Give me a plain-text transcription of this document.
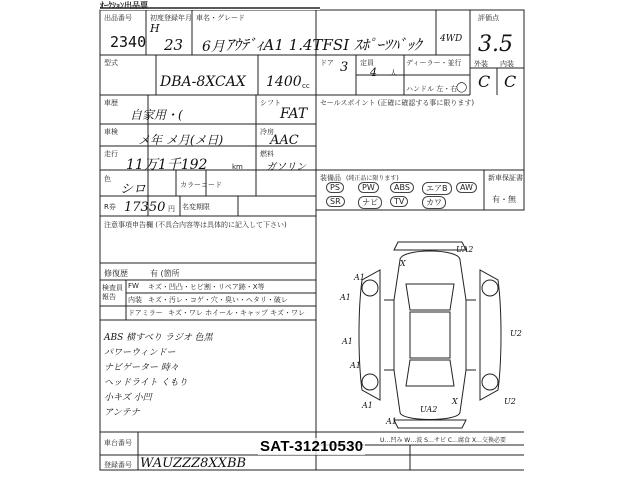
ｵｰｸｼｮﾝ出品票
出品番号
2340
初度登録年月
H
23 6月
車名・グレード
ｱｳﾃﾞｨA1 1.4TFSI ｽﾎﾟｰﾂﾊﾞｯｸ 4WD
評価点
3.5
外装 内装
C C
型式
DBA-8XCAX 1400 cc
ドア 3 定員
4 人
ディーラー・並行
ハンドル 左・右
◯
車歴
自家用・(
シフト
FAT
セールスポイント (正確に確認する事に限ります)
車検
メ年 メ月(メ日)
冷房
AAC
走行
11万1千192	km
燃料
ガソリン
色
シロ	カラーコード
装備品 (純正品に限ります)	新車保証書
有・無
PS	PW	ABS	エアB	AW
SR	ナビ	TV	カワ
R券 17350 円 名変期限
注意事項申告欄 (不具合内容等は具体的に記入して下さい)
修復歴	有 (箇所
検査員報告
FW キズ・凹凸・ヒビ割・リペア跡・X等
内装 キズ・汚レ・コゲ・穴・臭い・ヘタリ・破レ
ドアミラー キズ・ワレ ホイール・キャップ キズ・ワレ
ABS 横すべり ラジオ 色黒
パワーウィンドー
ナビゲーター 時々
ヘッドライト くもり
小キズ 小凹
アンテナ
車台番号
登録番号 WAUZZZ8XXBB
U…凹み W…波 S…サビ C…腐食 X…交換必要
A1
A1
A1
U2
U2
A1
A1
UA2
UA2
A1
X
X
SAT-31210530
